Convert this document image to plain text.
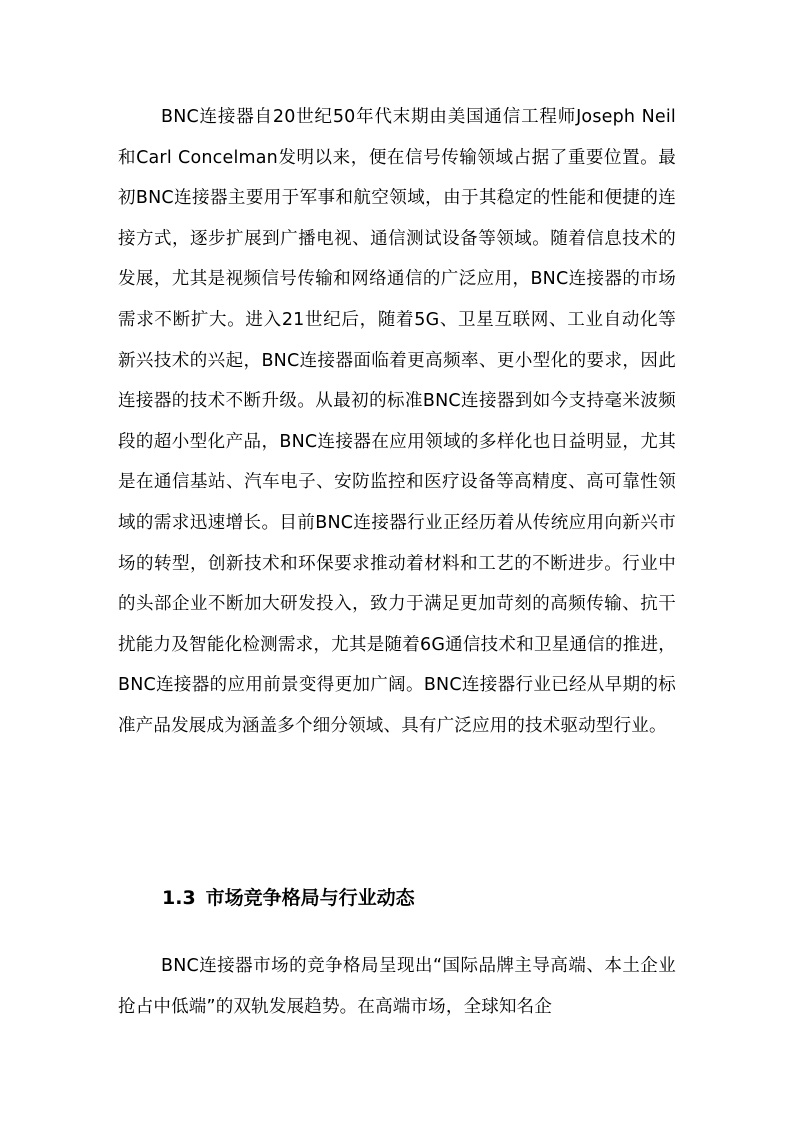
BNC连接器自20世纪50年代末期由美国通信工程师Joseph Neil和Carl Concelman发明以来，便在信号传输领域占据了重要位置。最初BNC连接器主要用于军事和航空领域，由于其稳定的性能和便捷的连接方式，逐步扩展到广播电视、通信测试设备等领域。随着信息技术的发展，尤其是视频信号传输和网络通信的广泛应用，BNC连接器的市场需求不断扩大。进入21世纪后，随着5G、卫星互联网、工业自动化等新兴技术的兴起，BNC连接器面临着更高频率、更小型化的要求，因此连接器的技术不断升级。从最初的标准BNC连接器到如今支持毫米波频段的超小型化产品，BNC连接器在应用领域的多样化也日益明显，尤其是在通信基站、汽车电子、安防监控和医疗设备等高精度、高可靠性领域的需求迅速增长。目前BNC连接器行业正经历着从传统应用向新兴市场的转型，创新技术和环保要求推动着材料和工艺的不断进步。行业中的头部企业不断加大研发投入，致力于满足更加苛刻的高频传输、抗干扰能力及智能化检测需求，尤其是随着6G通信技术和卫星通信的推进，BNC连接器的应用前景变得更加广阔。BNC连接器行业已经从早期的标准产品发展成为涵盖多个细分领域、具有广泛应用的技术驱动型行业。

1.3 市场竞争格局与行业动态

BNC连接器市场的竞争格局呈现出“国际品牌主导高端、本土企业抢占中低端”的双轨发展趋势。在高端市场，全球知名企
